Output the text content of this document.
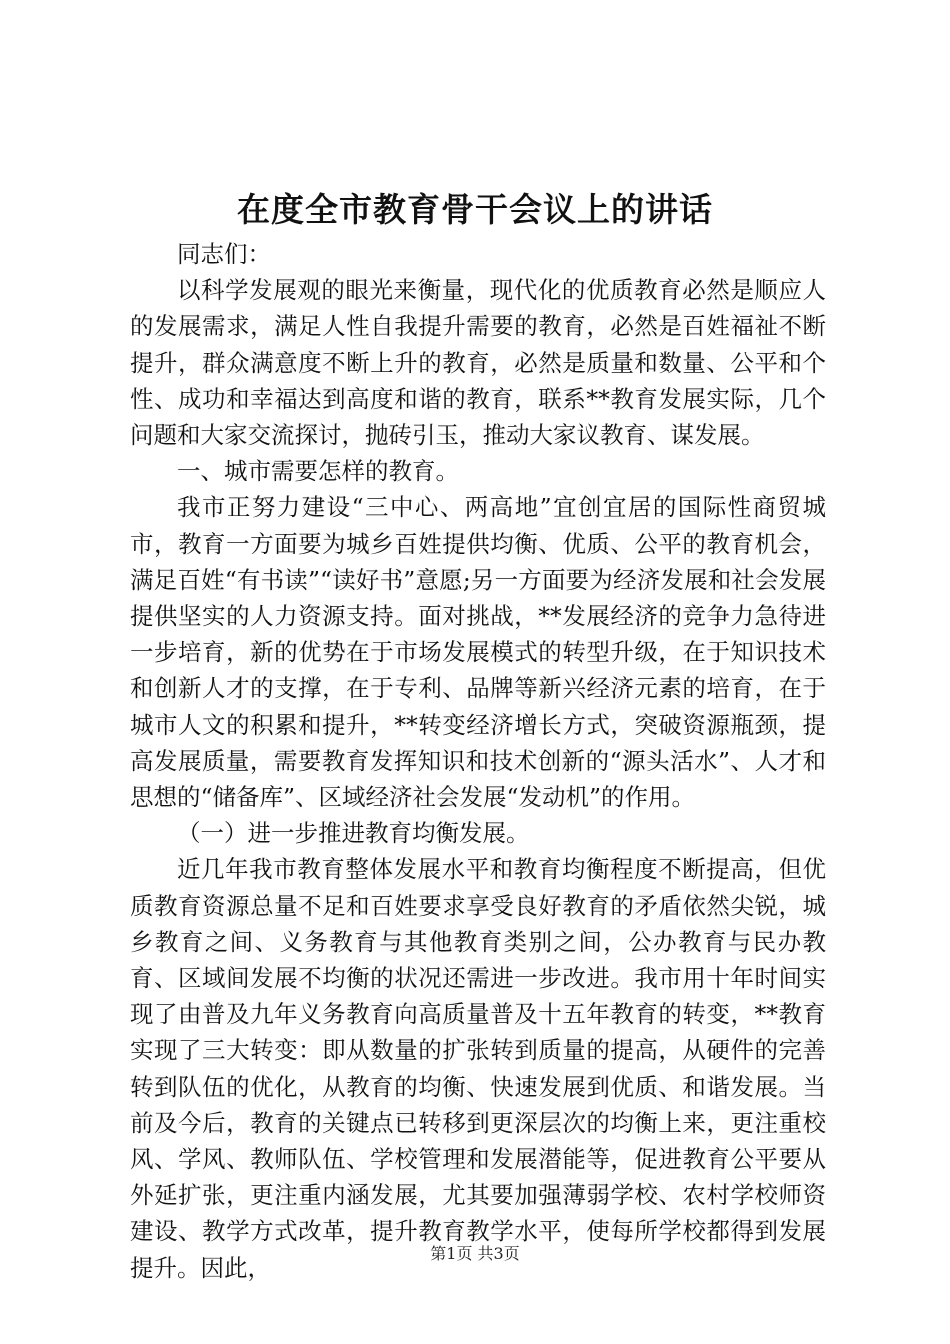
在度全市教育骨干会议上的讲话

同志们：

以科学发展观的眼光来衡量，现代化的优质教育必然是顺应人的发展需求，满足人性自我提升需要的教育，必然是百姓福祉不断提升，群众满意度不断上升的教育，必然是质量和数量、公平和个性、成功和幸福达到高度和谐的教育，联系**教育发展实际，几个问题和大家交流探讨，抛砖引玉，推动大家议教育、谋发展。

一、城市需要怎样的教育。

我市正努力建设“三中心、两高地”宜创宜居的国际性商贸城市，教育一方面要为城乡百姓提供均衡、优质、公平的教育机会，满足百姓“有书读”“读好书”意愿;另一方面要为经济发展和社会发展提供坚实的人力资源支持。面对挑战，**发展经济的竞争力急待进一步培育，新的优势在于市场发展模式的转型升级，在于知识技术和创新人才的支撑，在于专利、品牌等新兴经济元素的培育，在于城市人文的积累和提升，**转变经济增长方式，突破资源瓶颈，提高发展质量，需要教育发挥知识和技术创新的“源头活水”、人才和思想的“储备库”、区域经济社会发展“发动机”的作用。

（一）进一步推进教育均衡发展。

近几年我市教育整体发展水平和教育均衡程度不断提高，但优质教育资源总量不足和百姓要求享受良好教育的矛盾依然尖锐，城乡教育之间、义务教育与其他教育类别之间，公办教育与民办教育、区域间发展不均衡的状况还需进一步改进。我市用十年时间实现了由普及九年义务教育向高质量普及十五年教育的转变，**教育实现了三大转变：即从数量的扩张转到质量的提高，从硬件的完善转到队伍的优化，从教育的均衡、快速发展到优质、和谐发展。当前及今后，教育的关键点已转移到更深层次的均衡上来，更注重校风、学风、教师队伍、学校管理和发展潜能等，促进教育公平要从外延扩张，更注重内涵发展，尤其要加强薄弱学校、农村学校师资建设、教学方式改革，提升教育教学水平，使每所学校都得到发展提升。因此，

第1页 共3页
